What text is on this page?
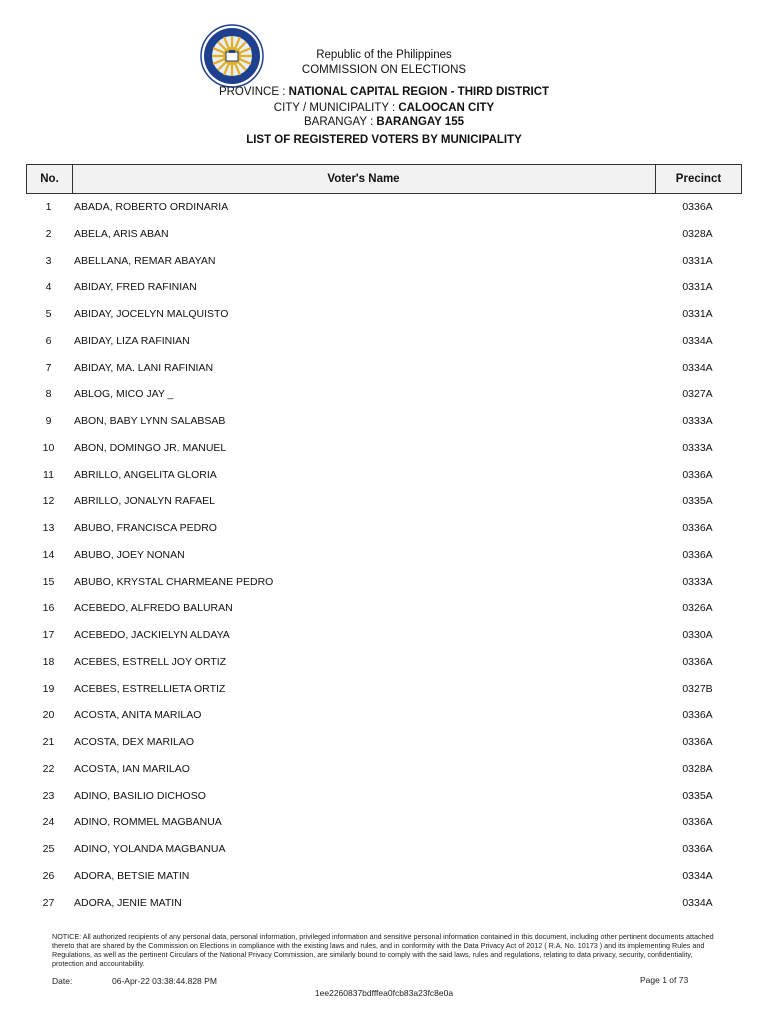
Republic of the Philippines
COMMISSION ON ELECTIONS
PROVINCE : NATIONAL CAPITAL REGION - THIRD DISTRICT
CITY / MUNICIPALITY : CALOOCAN CITY
BARANGAY : BARANGAY 155
LIST OF REGISTERED VOTERS BY MUNICIPALITY
No.	Voter's Name	Precinct
1	ABADA, ROBERTO ORDINARIA	0336A
2	ABELA, ARIS ABAN	0328A
3	ABELLANA, REMAR ABAYAN	0331A
4	ABIDAY, FRED RAFINIAN	0331A
5	ABIDAY, JOCELYN MALQUISTO	0331A
6	ABIDAY, LIZA RAFINIAN	0334A
7	ABIDAY, MA. LANI RAFINIAN	0334A
8	ABLOG, MICO JAY _	0327A
9	ABON, BABY LYNN SALABSAB	0333A
10	ABON, DOMINGO JR. MANUEL	0333A
11	ABRILLO, ANGELITA GLORIA	0336A
12	ABRILLO, JONALYN RAFAEL	0335A
13	ABUBO, FRANCISCA PEDRO	0336A
14	ABUBO, JOEY NONAN	0336A
15	ABUBO, KRYSTAL CHARMEANE PEDRO	0333A
16	ACEBEDO, ALFREDO BALURAN	0326A
17	ACEBEDO, JACKIELYN ALDAYA	0330A
18	ACEBES, ESTRELL JOY ORTIZ	0336A
19	ACEBES, ESTRELLIETA ORTIZ	0327B
20	ACOSTA, ANITA MARILAO	0336A
21	ACOSTA, DEX MARILAO	0336A
22	ACOSTA, IAN MARILAO	0328A
23	ADINO, BASILIO DICHOSO	0335A
24	ADINO, ROMMEL MAGBANUA	0336A
25	ADINO, YOLANDA MAGBANUA	0336A
26	ADORA, BETSIE MATIN	0334A
27	ADORA, JENIE MATIN	0334A
NOTICE: All authorized recipients of any personal data, personal information, privileged information and sensitive personal information contained in this document, including other pertinent documents attached thereto that are shared by the Commission on Elections in compliance with the existing laws and rules, and in conformity with the Data Privacy Act of 2012 ( R.A. No. 10173 ) and its implementing Rules and Regulations, as well as the pertinent Circulars of the National Privacy Commission, are similarly bound to comply with the said laws, rules and regulations, relating to data privacy, security, confidentiality, protection and accountability.
Date:	06-Apr-22 03:38:44.828 PM	Page 1 of 73
1ee2260837bdfffea0fcb83a23fc8e0a
